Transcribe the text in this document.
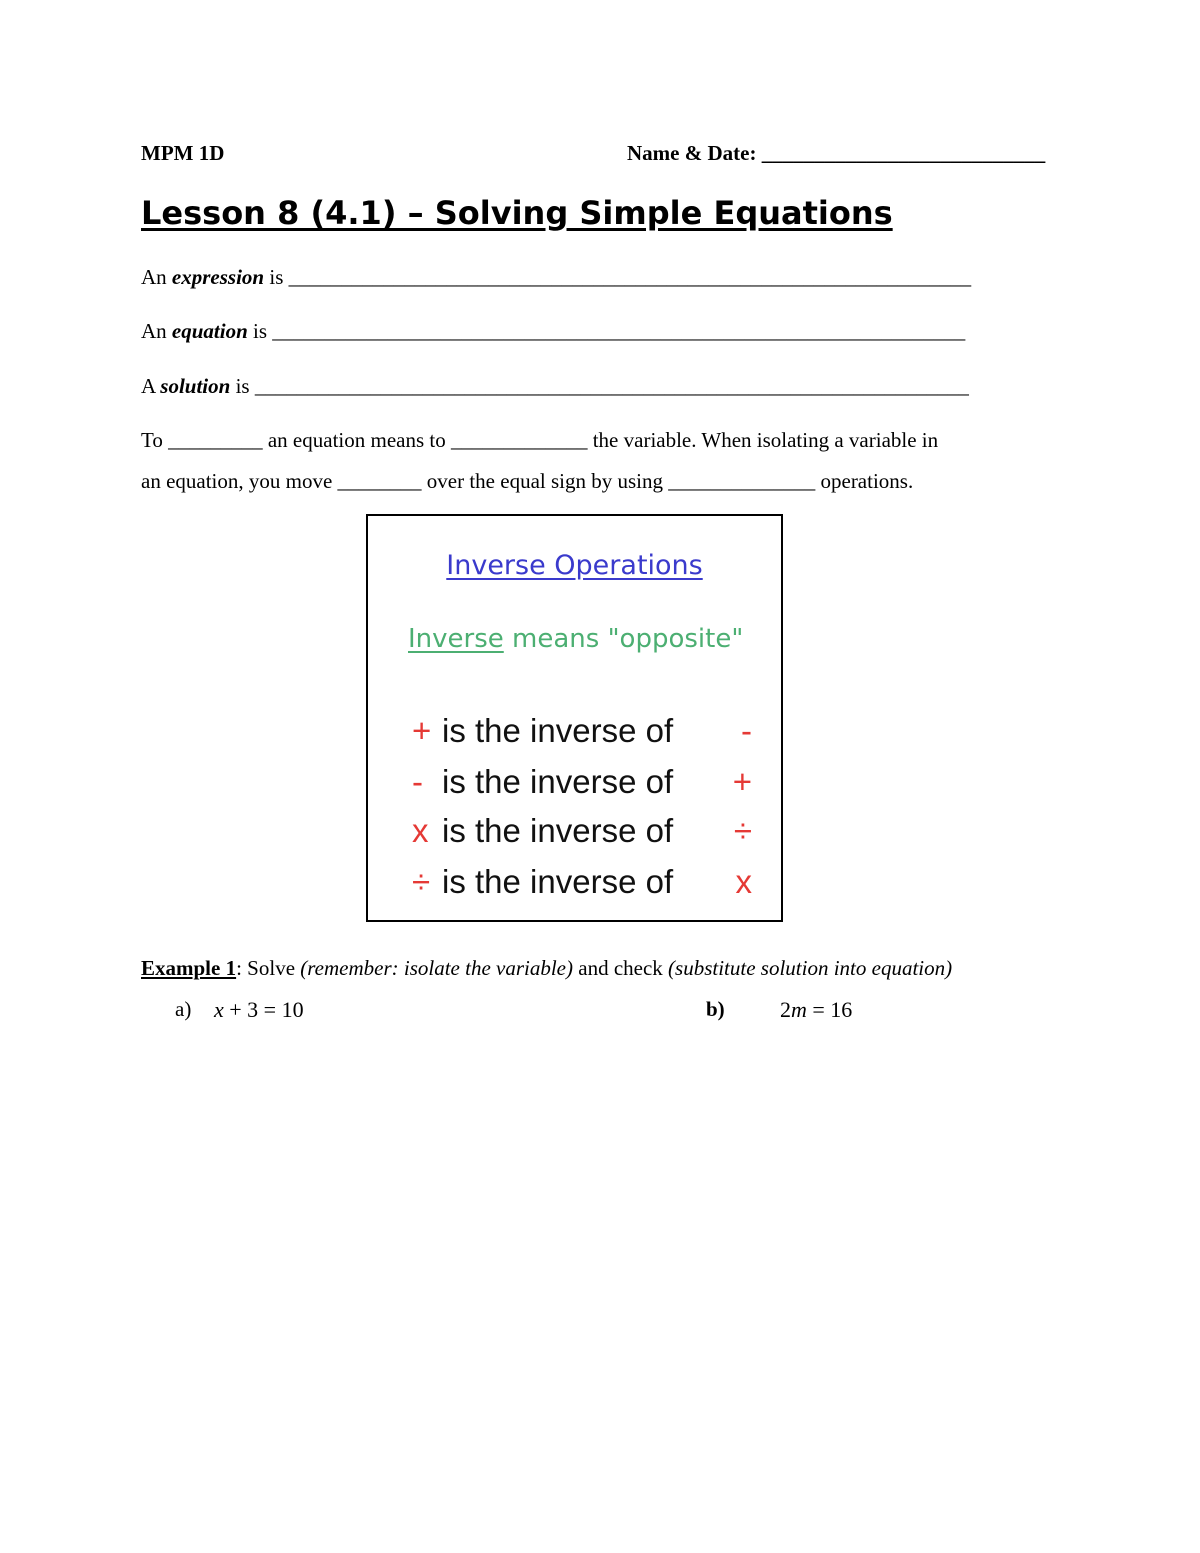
MPM 1D	Name & Date: ___________________________
Lesson 8 (4.1) – Solving Simple Equations
An expression is _________________________________________________________________
An equation is __________________________________________________________________
A solution is ____________________________________________________________________
To _________ an equation means to _____________ the variable. When isolating a variable in
an equation, you move ________ over the equal sign by using ______________ operations.
Inverse Operations
Inverse means "opposite"
+ is the inverse of -
- is the inverse of +
x is the inverse of ÷
÷ is the inverse of x
Example 1: Solve (remember: isolate the variable) and check (substitute solution into equation)
a) x + 3 = 10	b)	2m = 16
